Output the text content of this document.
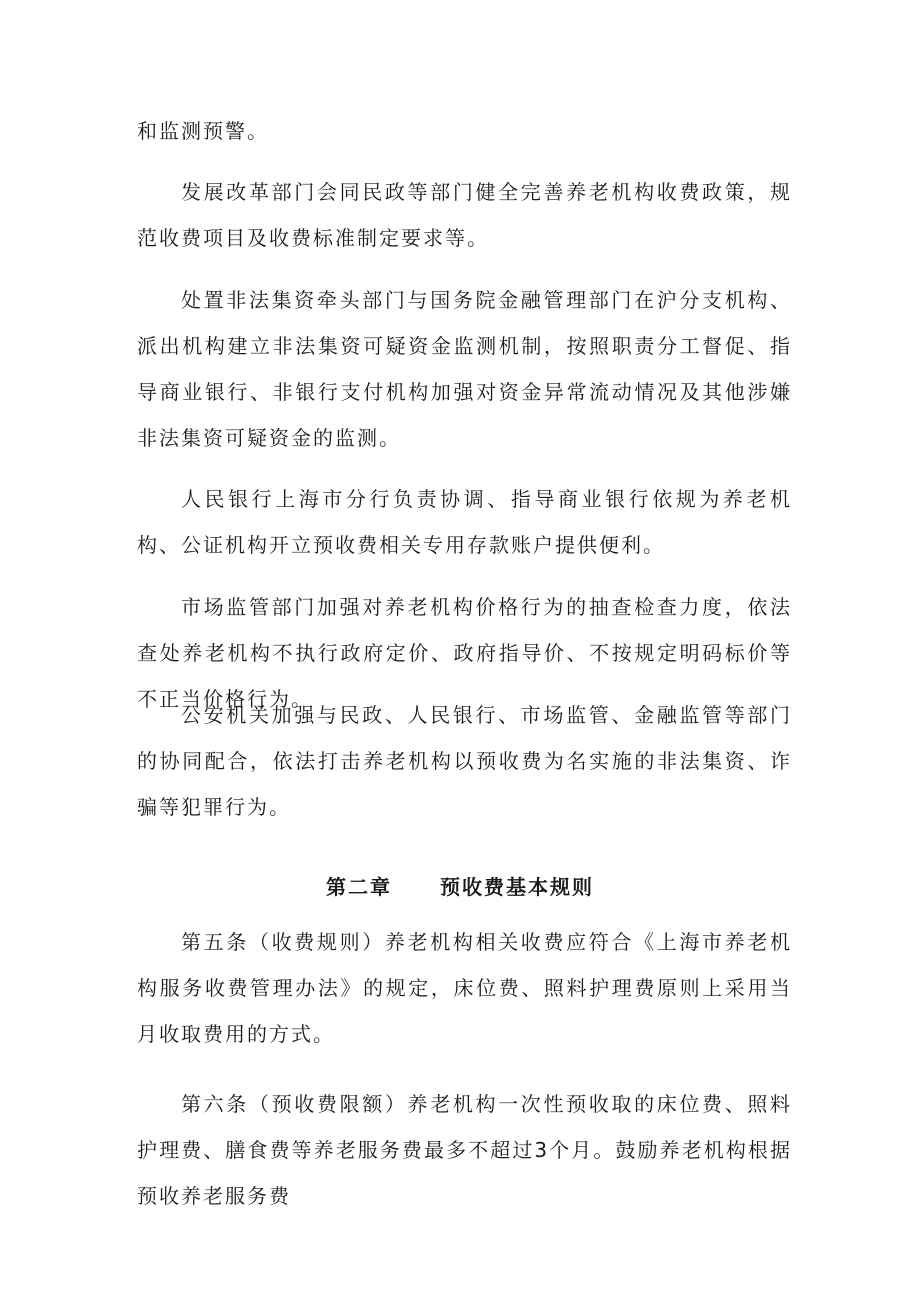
和监测预警。

发展改革部门会同民政等部门健全完善养老机构收费政策，规范收费项目及收费标准制定要求等。

处置非法集资牵头部门与国务院金融管理部门在沪分支机构、派出机构建立非法集资可疑资金监测机制，按照职责分工督促、指导商业银行、非银行支付机构加强对资金异常流动情况及其他涉嫌非法集资可疑资金的监测。

人民银行上海市分行负责协调、指导商业银行依规为养老机构、公证机构开立预收费相关专用存款账户提供便利。

市场监管部门加强对养老机构价格行为的抽查检查力度，依法查处养老机构不执行政府定价、政府指导价、不按规定明码标价等不正当价格行为。

公安机关加强与民政、人民银行、市场监管、金融监管等部门的协同配合，依法打击养老机构以预收费为名实施的非法集资、诈骗等犯罪行为。

第二章 预收费基本规则

第五条（收费规则）养老机构相关收费应符合《上海市养老机构服务收费管理办法》的规定，床位费、照料护理费原则上采用当月收取费用的方式。

第六条（预收费限额）养老机构一次性预收取的床位费、照料护理费、膳食费等养老服务费最多不超过3个月。鼓励养老机构根据预收养老服务费
